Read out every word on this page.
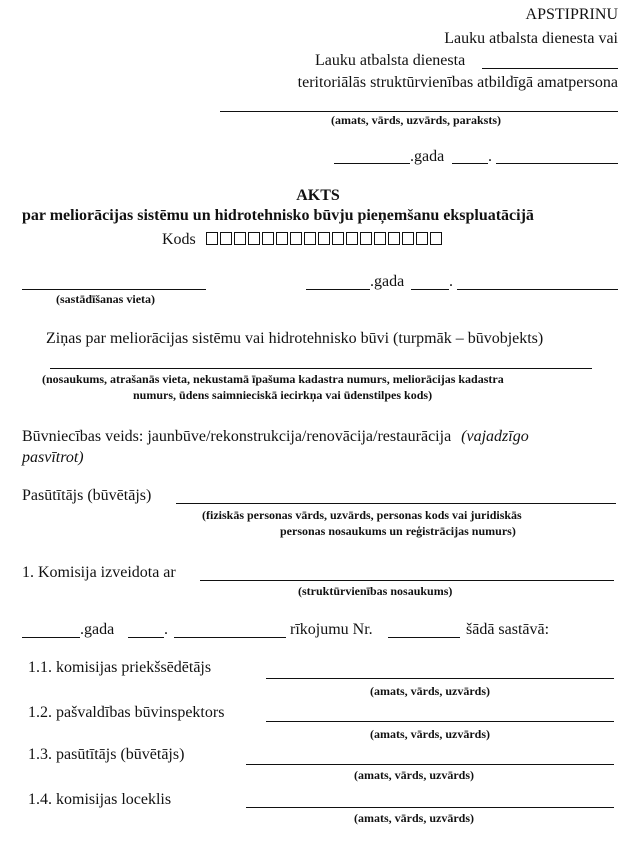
APSTIPRINU
Lauku atbalsta dienesta vai
Lauku atbalsta dienesta
teritoriālās struktūrvienības atbildīgā amatpersona
(amats, vārds, uzvārds, paraksts)
.gada	.
AKTS
par meliorācijas sistēmu un hidrotehnisko būvju pieņemšanu ekspluatācijā
Kods
(sastādīšanas vieta)
.gada	.
Ziņas par meliorācijas sistēmu vai hidrotehnisko būvi (turpmāk – būvobjekts)
(nosaukums, atrašanās vieta, nekustamā īpašuma kadastra numurs, meliorācijas kadastra
numurs, ūdens saimnieciskā iecirkņa vai ūdenstilpes kods)
Būvniecības veids: jaunbūve/rekonstrukcija/renovācija/restaurācija (vajadzīgo
pasvītrot)
Pasūtītājs (būvētājs)
(fiziskās personas vārds, uzvārds, personas kods vai juridiskās
personas nosaukums un reģistrācijas numurs)
1. Komisija izveidota ar
(struktūrvienības nosaukums)
.gada	.	rīkojumu Nr.	šādā sastāvā:
1.1. komisijas priekšsēdētājs
(amats, vārds, uzvārds)
1.2. pašvaldības būvinspektors
(amats, vārds, uzvārds)
1.3. pasūtītājs (būvētājs)
(amats, vārds, uzvārds)
1.4. komisijas loceklis
(amats, vārds, uzvārds)
